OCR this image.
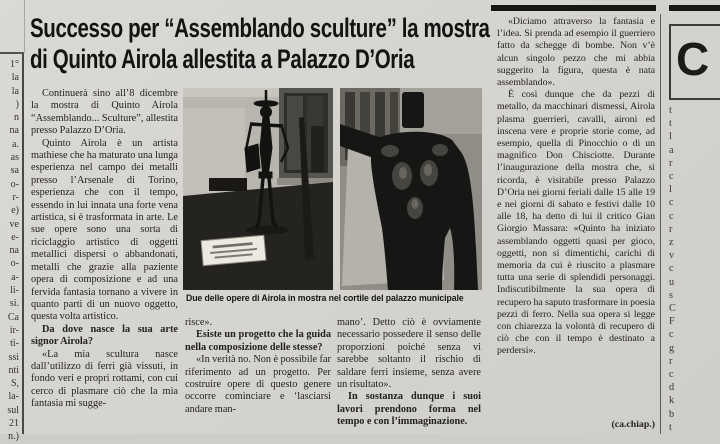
1°
la
la
)
n
na
a.
as
sa
o-
r-
e)
ve
e-
na
o-
a-
li-
si.
Ca
ir-
ti-
ssi
nti
S,
la-
sul
21
n.)
Successo per “Assemblando sculture” la mostra
di Quinto Airola allestita a Palazzo D’Oria
Continuerà sino all’8 dicembre la mostra di Quinto Airola “Assemblando... Sculture”, allestita presso Palazzo D’Oria.
Quinto Airola è un artista mathiese che ha maturato una lunga esperienza nel campo dei metalli presso l’Arsenale di Torino, esperienza che con il tempo, essendo in lui innata una forte vena artistica, si è trasformata in arte. Le sue opere sono una sorta di riciclaggio artistico di oggetti metallici dispersi o abbandonati, metalli che grazie alla paziente opera di composizione e ad una fervida fantasia tornano a vivere in quanto parti di un nuovo oggetto, questa volta artistico.
Da dove nasce la sua arte signor Airola?
«La mia scultura nasce dall’utilizzo di ferri già vissuti, in fondo veri e propri rottami, con cui cerco di plasmare ciò che la mia fantasia mi sugge-
Due delle opere di Airola in mostra nel cortile del palazzo municipale
risce».
Esiste un progetto che la guida nella composizione delle stesse?
«In verità no. Non è possibile far riferimento ad un progetto. Per costruire opere di questo genere occorre cominciare e ‘lasciarsi andare man-
mano’. Detto ciò è ovviamente necessario possedere il senso delle proporzioni poiché senza vi sarebbe soltanto il rischio di saldare ferri insieme, senza avere un risultato».
In sostanza dunque i suoi lavori prendono forma nel tempo e con l’immaginazione.
«Diciamo attraverso la fantasia e l’idea. Si prenda ad esempio il guerriero fatto da schegge di bombe. Non v’è alcun singolo pezzo che mi abbia suggerito la figura, questa è nata assemblando».
È così dunque che da pezzi di metallo, da macchinari dismessi, Airola plasma guerrieri, cavalli, aironi ed inscena vere e proprie storie come, ad esempio, quella di Pinocchio o di un magnifico Don Chisciotte. Durante l’inaugurazione della mostra che, si ricorda, è visitabile presso Palazzo D’Oria nei giorni feriali dalle 15 alle 19 e nei giorni di sabato e festivi dalle 10 alle 18, ha detto di lui il critico Gian Giorgio Massara: «Quinto ha iniziato assemblando oggetti quasi per gioco, oggetti, non si dimentichi, carichi di memoria da cui è riuscito a plasmare tutta una serie di splendidi personaggi. Indiscutibilmente la sua opera di recupero ha saputo trasformare in poesia pezzi di ferro. Nella sua opera si legge con chiarezza la volontà di recupero di ciò che con il tempo è destinato a perdersi».
(ca.chiap.)
C
t
t
l
a
r
c
l
c
c
r
z
v
c
u
s
C
F
c
g
r
c
d
k
b
t
